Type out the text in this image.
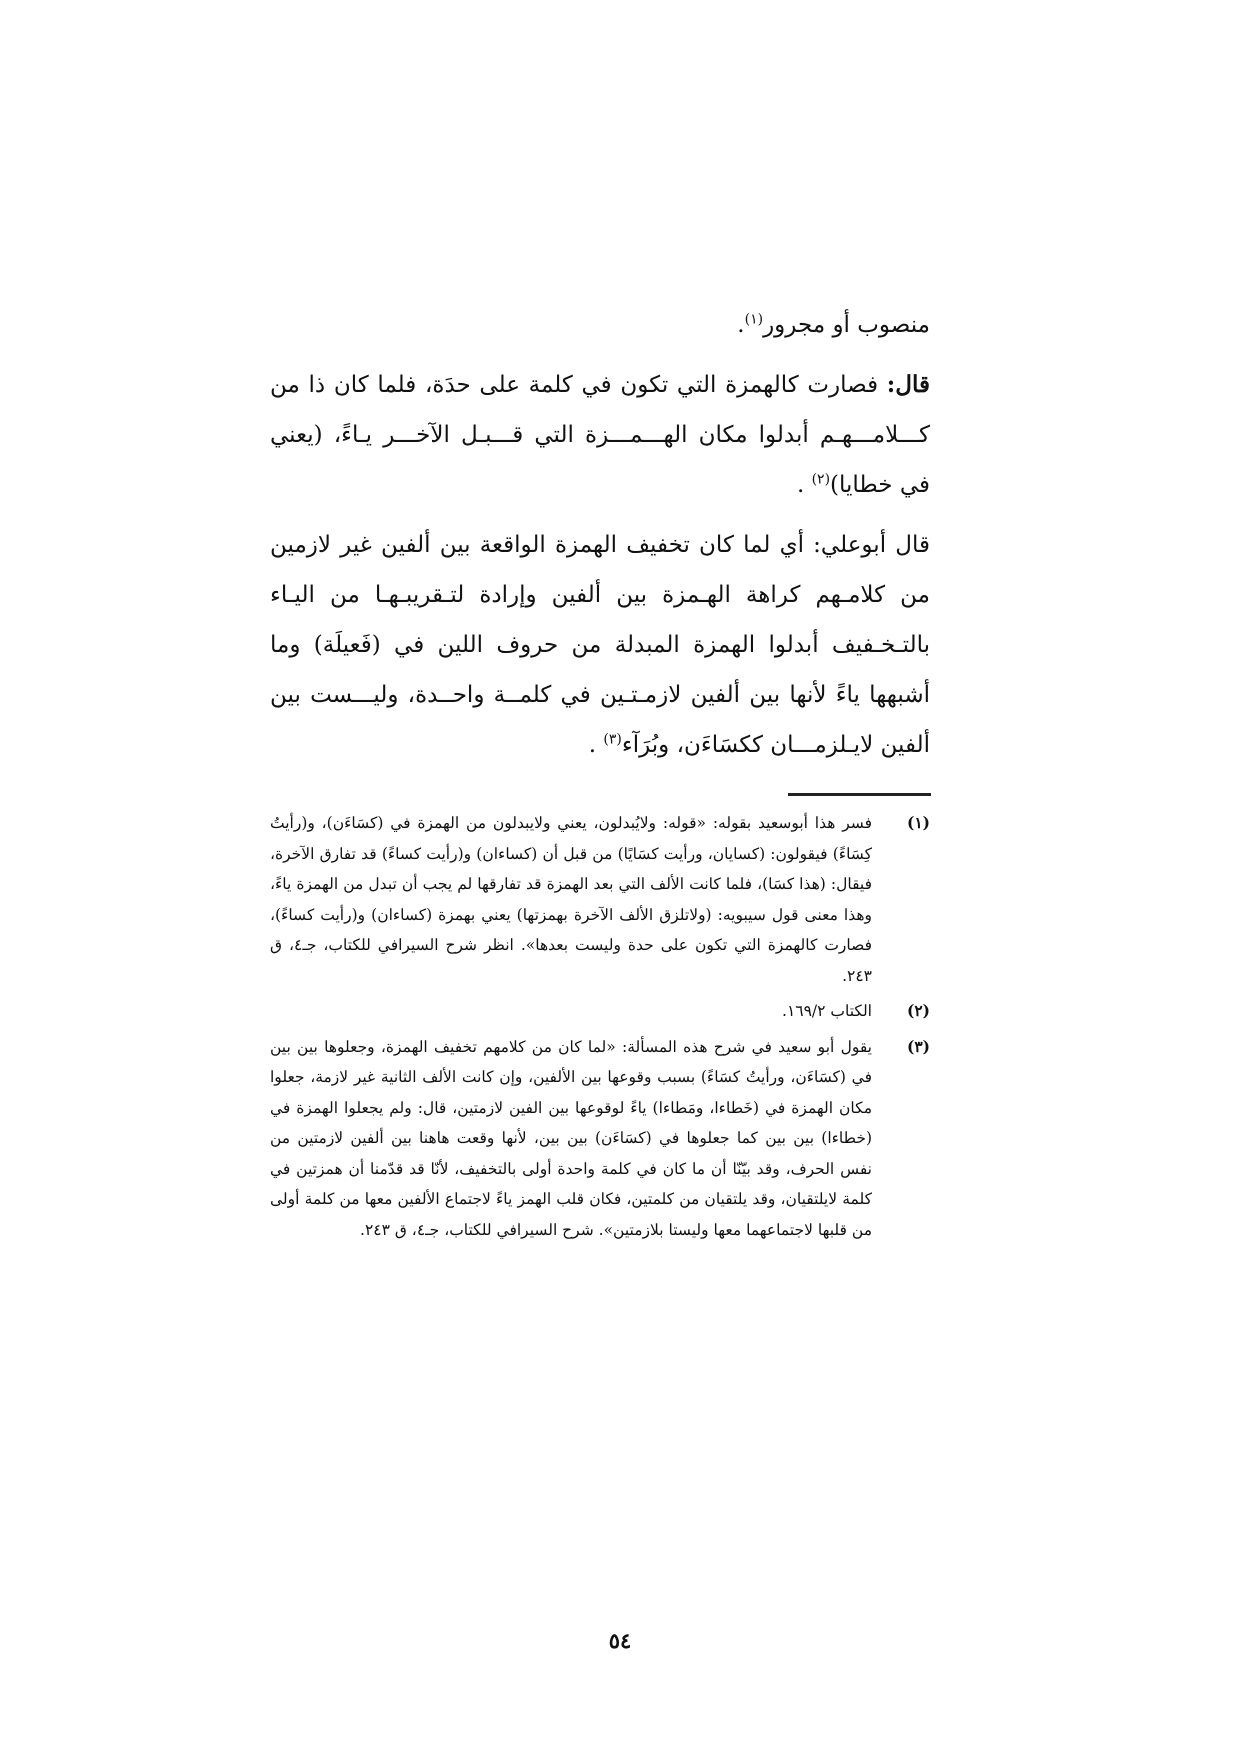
منصوب أو مجرور$^{(١)}$.

قال: فصارت كالهمزة التي تكون في كلمة على حدَة، فلما كان ذا من كـــلامـــهـم أبدلوا مكان الهـــمـــزة التي قـــبـل الآخـــر يـاءً، (يعني في خطايا)$^{(٢)}$ .

قال أبوعلي: أي لما كان تخفيف الهمزة الواقعة بين ألفين غير لازمين من كلامـهم كراهة الهـمزة بين ألفين وإرادة لتـقريبـهـا من اليـاء بالتـخـفيف أبدلوا الهمزة المبدلة من حروف اللين في (فَعيلَة) وما أشبهها ياءً لأنها بين ألفين لازمـتـين في كلمــة واحــدة، وليـــست بين ألفين لايـلزمـــان ككسَاءَن، وبُرَآء$^{(٣)}$ .

(١)
فسر هذا أبوسعيد بقوله: «قوله: ولايُبدلون، يعني ولايبدلون من الهمزة في (كسَاءَن)، و(رأيتُ كِسَاءً) فيقولون: (كسايان، ورأيت كسَايًا) من قبل أن (كساءان) و(رأيت كساءً) قد تفارق الآخرة، فيقال: (هذا كسَا)، فلما كانت الألف التي بعد الهمزة قد تفارقها لم يجب أن تبدل من الهمزة ياءً، وهذا معنى قول سيبويه: (ولاتلزق الألف الآخرة بهمزتها) يعني بهمزة (كساءان) و(رأيت كساءً)، فصارت كالهمزة التي تكون على حدة وليست بعدها». انظر شرح السيرافي للكتاب، جـ٤، ق ٢٤٣.
(٢)
الكتاب ١٦٩/٢.
(٣)
يقول أبو سعيد في شرح هذه المسألة: «لما كان من كلامهم تخفيف الهمزة، وجعلوها بين بين في (كسَاءَن، ورأيتُ كسَاءً) بسبب وقوعها بين الألفين، وإن كانت الألف الثانية غير لازمة، جعلوا مكان الهمزة في (خَطاءا، ومَطاءا) ياءً لوقوعها بين الفين لازمتين، قال: ولم يجعلوا الهمزة في (خطاءا) بين بين كما جعلوها في (كسَاءَن) بين بين، لأنها وقعت هاهنا بين ألفين لازمتين من نفس الحرف، وقد بيّنّا أن ما كان في كلمة واحدة أولى بالتخفيف، لأنّا قد قدّمنا أن همزتين في كلمة لايلتقيان، وقد يلتقيان من كلمتين، فكان قلب الهمز ياءً لاجتماع الألفين معها من كلمة أولى من قلبها لاجتماعهما معها وليستا بلازمتين». شرح السيرافي للكتاب، جـ٤، ق ٢٤٣.
٥٤
